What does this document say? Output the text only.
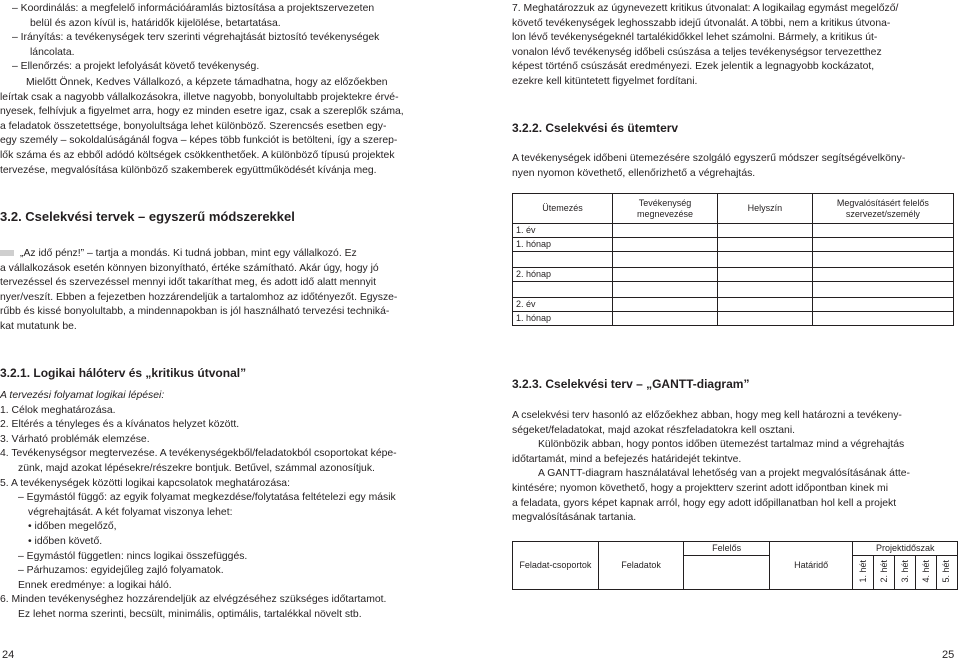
– Koordinálás: a megfelelő információáramlás biztosítása a projektszervezeten
belül és azon kívül is, határidők kijelölése, betartatása.
– Irányítás: a tevékenységek terv szerinti végrehajtását biztosító tevékenységek
láncolata.
– Ellenőrzés: a projekt lefolyását követő tevékenység.
Mielőtt Önnek, Kedves Vállalkozó, a képzete támadhatna, hogy az előzőekben
leírtak csak a nagyobb vállalkozásokra, illetve nagyobb, bonyolultabb projektekre érvé-
nyesek, felhívjuk a figyelmet arra, hogy ez minden esetre igaz, csak a szereplők száma,
a feladatok összetettsége, bonyolultsága lehet különböző. Szerencsés esetben egy-
egy személy – sokoldalúságánál fogva – képes több funkciót is betölteni, így a szerep-
lők száma és az ebből adódó költségek csökkenthetőek. A különböző típusú projektek
tervezése, megvalósítása különböző szakemberek együttműködését kívánja meg.
3.2. Cselekvési tervek – egyszerű módszerekkel
„Az idő pénz!” – tartja a mondás. Ki tudná jobban, mint egy vállalkozó. Ez
a vállalkozások esetén könnyen bizonyítható, értéke számítható. Akár úgy, hogy jó
tervezéssel és szervezéssel mennyi időt takaríthat meg, és adott idő alatt mennyit
nyer/veszít. Ebben a fejezetben hozzárendeljük a tartalomhoz az időtényezőt. Egysze-
rűbb és kissé bonyolultabb, a mindennapokban is jól használható tervezési techniká-
kat mutatunk be.
3.2.1. Logikai hálóterv és „kritikus útvonal”
A tervezési folyamat logikai lépései:
1. Célok meghatározása.
2. Eltérés a tényleges és a kívánatos helyzet között.
3. Várható problémák elemzése.
4. Tevékenységsor megtervezése. A tevékenységekből/feladatokból csoportokat képe-
zünk, majd azokat lépésekre/részekre bontjuk. Betűvel, számmal azonosítjuk.
5. A tevékenységek közötti logikai kapcsolatok meghatározása:
– Egymástól függő: az egyik folyamat megkezdése/folytatása feltételezi egy másik
végrehajtását. A két folyamat viszonya lehet:
• időben megelőző,
• időben követő.
– Egymástól független: nincs logikai összefüggés.
– Párhuzamos: egyidejűleg zajló folyamatok.
Ennek eredménye: a logikai háló.
6. Minden tevékenységhez hozzárendeljük az elvégzéséhez szükséges időtartamot.
Ez lehet norma szerinti, becsült, minimális, optimális, tartalékkal növelt stb.
24
7. Meghatározzuk az úgynevezett kritikus útvonalat: A logikailag egymást megelőző/
követő tevékenységek leghosszabb idejű útvonalát. A többi, nem a kritikus útvona-
lon lévő tevékenységeknél tartalékidőkkel lehet számolni. Bármely, a kritikus út-
vonalon lévő tevékenység időbeli csúszása a teljes tevékenységsor tervezetthez
képest történő csúszását eredményezi. Ezek jelentik a legnagyobb kockázatot,
ezekre kell kitüntetett figyelmet fordítani.
3.2.2. Cselekvési és ütemterv
A tevékenységek időbeni ütemezésére szolgáló egyszerű módszer segítségévelköny-
nyen nyomon követhető, ellenőrizhető a végrehajtás.
Ütemezés	Tevékenység megnevezése	Helyszín	Megvalósításért felelős szervezet/személy
1. év			
1. hónap			

2. hónap			

2. év			
1. hónap			
3.2.3. Cselekvési terv – „GANTT-diagram”
A cselekvési terv hasonló az előzőekhez abban, hogy meg kell határozni a tevékeny-
ségeket/feladatokat, majd azokat részfeladatokra kell osztani.
Különbözik abban, hogy pontos időben ütemezést tartalmaz mind a végrehajtás
időtartamát, mind a befejezés határidejét tekintve.
A GANTT-diagram használatával lehetőség van a projekt megvalósításának átte-
kintésére; nyomon követhető, hogy a projektterv szerint adott időpontban kinek mi
a feladata, gyors képet kapnak arról, hogy egy adott időpillanatban hol kell a projekt
megvalósításának tartania.
Feladat-csoportok	Feladatok	Felelős	Határidő	Projektidőszak				
				1. hét	2. hét	3. hét	4. hét	5. hét
25
